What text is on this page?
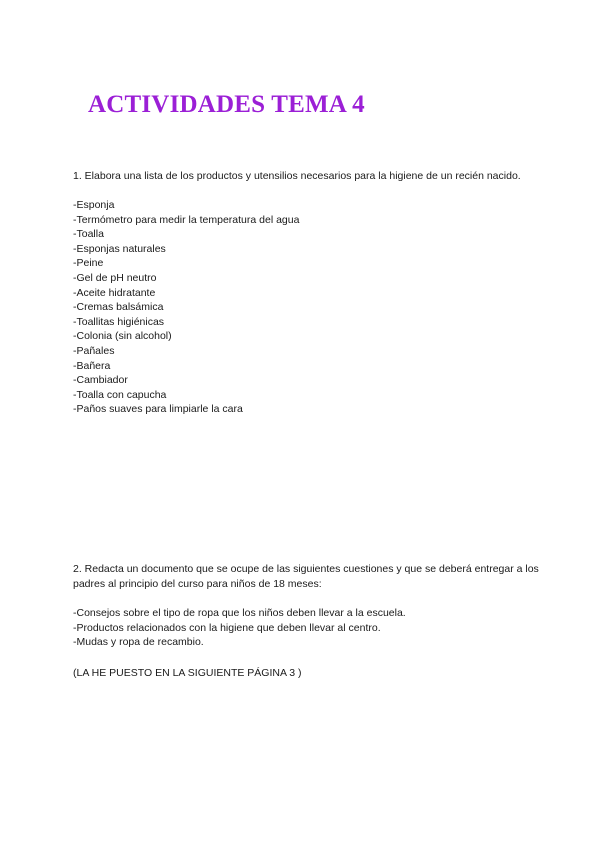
ACTIVIDADES TEMA 4

1. Elabora una lista de los productos y utensilios necesarios para la higiene de un recién nacido.

-Esponja
-Termómetro para medir la temperatura del agua
-Toalla
-Esponjas naturales
-Peine
-Gel de pH neutro
-Aceite hidratante
-Cremas balsámica
-Toallitas higiénicas
-Colonia (sin alcohol)
-Pañales
-Bañera
-Cambiador
-Toalla con capucha
-Paños suaves para limpiarle la cara

2. Redacta un documento que se ocupe de las siguientes cuestiones y que se deberá entregar a los padres al principio del curso para niños de 18 meses:

-Consejos sobre el tipo de ropa que los niños deben llevar a la escuela.
-Productos relacionados con la higiene que deben llevar al centro.
-Mudas y ropa de recambio.

(LA HE PUESTO EN LA SIGUIENTE PÁGINA 3 )
